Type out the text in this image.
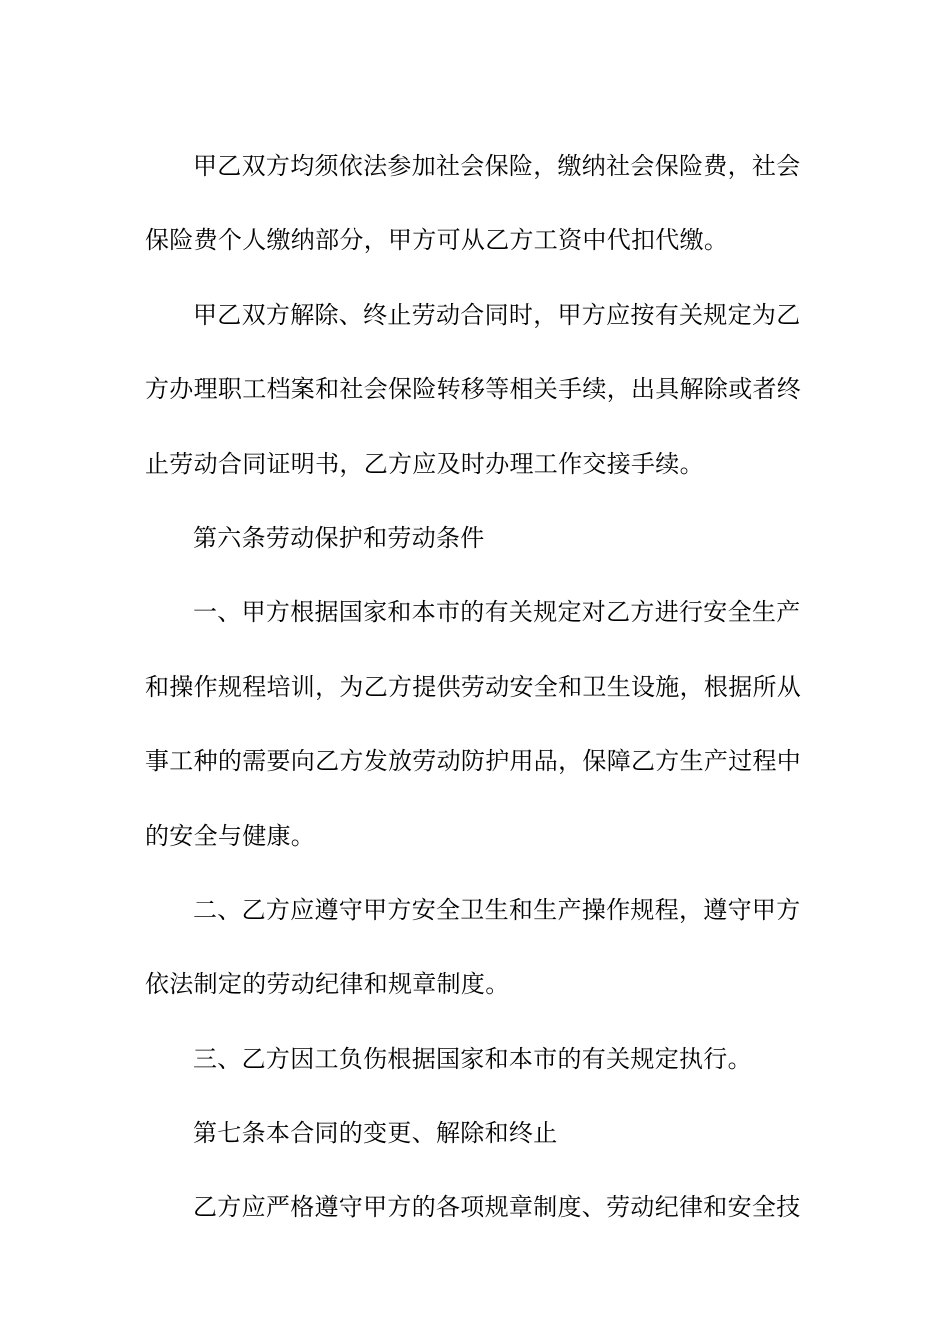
甲乙双方均须依法参加社会保险，缴纳社会保险费，社会
保险费个人缴纳部分，甲方可从乙方工资中代扣代缴。
甲乙双方解除、终止劳动合同时，甲方应按有关规定为乙
方办理职工档案和社会保险转移等相关手续，出具解除或者终
止劳动合同证明书，乙方应及时办理工作交接手续。
第六条劳动保护和劳动条件
一、甲方根据国家和本市的有关规定对乙方进行安全生产
和操作规程培训，为乙方提供劳动安全和卫生设施，根据所从
事工种的需要向乙方发放劳动防护用品，保障乙方生产过程中
的安全与健康。
二、乙方应遵守甲方安全卫生和生产操作规程，遵守甲方
依法制定的劳动纪律和规章制度。
三、乙方因工负伤根据国家和本市的有关规定执行。
第七条本合同的变更、解除和终止
乙方应严格遵守甲方的各项规章制度、劳动纪律和安全技
